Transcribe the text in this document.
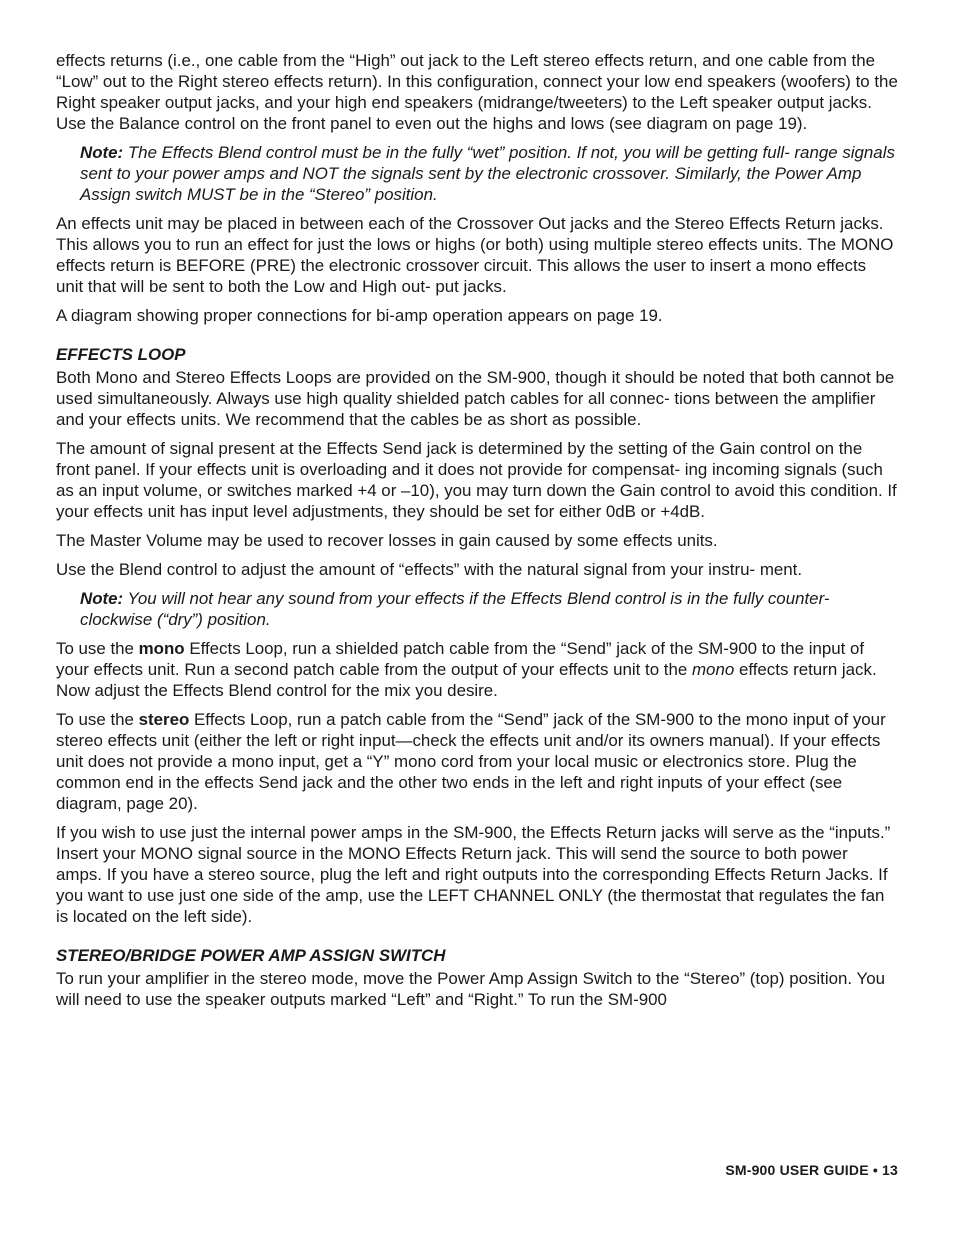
effects returns (i.e., one cable from the “High” out jack to the Left stereo effects return, and one cable from the “Low” out to the Right stereo effects return). In this configuration, connect your low end speakers (woofers) to the Right speaker output jacks, and your high end speakers (midrange/tweeters) to the Left speaker output jacks. Use the Balance control on the front panel to even out the highs and lows (see diagram on page 19).

Note: The Effects Blend control must be in the fully “wet” position. If not, you will be getting full- range signals sent to your power amps and NOT the signals sent by the electronic crossover. Similarly, the Power Amp Assign switch MUST be in the “Stereo” position.

An effects unit may be placed in between each of the Crossover Out jacks and the Stereo Effects Return jacks. This allows you to run an effect for just the lows or highs (or both) using multiple stereo effects units. The MONO effects return is BEFORE (PRE) the electronic crossover circuit. This allows the user to insert a mono effects unit that will be sent to both the Low and High out- put jacks.

A diagram showing proper connections for bi-amp operation appears on page 19.

EFFECTS LOOP

Both Mono and Stereo Effects Loops are provided on the SM-900, though it should be noted that both cannot be used simultaneously. Always use high quality shielded patch cables for all connec- tions between the amplifier and your effects units. We recommend that the cables be as short as possible.

The amount of signal present at the Effects Send jack is determined by the setting of the Gain control on the front panel. If your effects unit is overloading and it does not provide for compensat- ing incoming signals (such as an input volume, or switches marked +4 or –10), you may turn down the Gain control to avoid this condition. If your effects unit has input level adjustments, they should be set for either 0dB or +4dB.

The Master Volume may be used to recover losses in gain caused by some effects units.

Use the Blend control to adjust the amount of “effects” with the natural signal from your instru- ment.

Note: You will not hear any sound from your effects if the Effects Blend control is in the fully counter-clockwise (“dry”) position.

To use the mono Effects Loop, run a shielded patch cable from the “Send” jack of the SM-900 to the input of your effects unit. Run a second patch cable from the output of your effects unit to the mono effects return jack. Now adjust the Effects Blend control for the mix you desire.

To use the stereo Effects Loop, run a patch cable from the “Send” jack of the SM-900 to the mono input of your stereo effects unit (either the left or right input—check the effects unit and/or its owners manual). If your effects unit does not provide a mono input, get a “Y” mono cord from your local music or electronics store. Plug the common end in the effects Send jack and the other two ends in the left and right inputs of your effect (see diagram, page 20).

If you wish to use just the internal power amps in the SM-900, the Effects Return jacks will serve as the “inputs.” Insert your MONO signal source in the MONO Effects Return jack. This will send the source to both power amps. If you have a stereo source, plug the left and right outputs into the corresponding Effects Return Jacks. If you want to use just one side of the amp, use the LEFT CHANNEL ONLY (the thermostat that regulates the fan is located on the left side).

STEREO/BRIDGE POWER AMP ASSIGN SWITCH

To run your amplifier in the stereo mode, move the Power Amp Assign Switch to the “Stereo” (top) position. You will need to use the speaker outputs marked “Left” and “Right.” To run the SM-900

SM-900 USER GUIDE • 13
